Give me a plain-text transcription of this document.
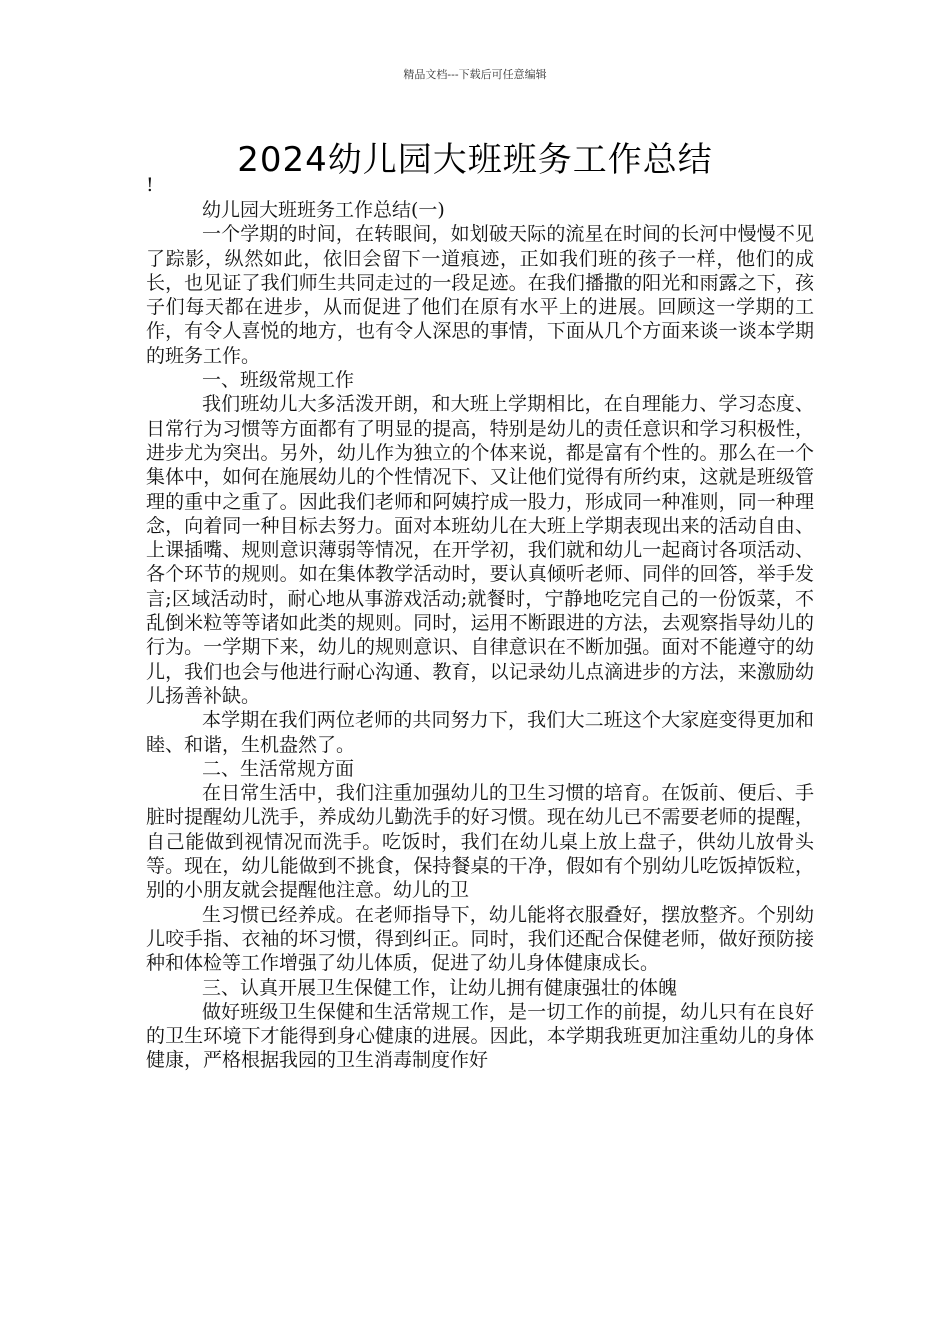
精品文档---下载后可任意编辑
2024幼儿园大班班务工作总结
!

幼儿园大班班务工作总结(一)

一个学期的时间，在转眼间，如划破天际的流星在时间的长河中慢慢不见了踪影，纵然如此，依旧会留下一道痕迹，正如我们班的孩子一样，他们的成长，也见证了我们师生共同走过的一段足迹。在我们播撒的阳光和雨露之下，孩子们每天都在进步，从而促进了他们在原有水平上的进展。回顾这一学期的工作，有令人喜悦的地方，也有令人深思的事情，下面从几个方面来谈一谈本学期的班务工作。

一、班级常规工作

我们班幼儿大多活泼开朗，和大班上学期相比，在自理能力、学习态度、日常行为习惯等方面都有了明显的提高，特别是幼儿的责任意识和学习积极性，进步尤为突出。另外，幼儿作为独立的个体来说，都是富有个性的。那么在一个集体中，如何在施展幼儿的个性情况下、又让他们觉得有所约束，这就是班级管理的重中之重了。因此我们老师和阿姨拧成一股力，形成同一种准则，同一种理念，向着同一种目标去努力。面对本班幼儿在大班上学期表现出来的活动自由、上课插嘴、规则意识薄弱等情况，在开学初，我们就和幼儿一起商讨各项活动、各个环节的规则。如在集体教学活动时，要认真倾听老师、同伴的回答，举手发言;区域活动时，耐心地从事游戏活动;就餐时，宁静地吃完自己的一份饭菜，不乱倒米粒等等诸如此类的规则。同时，运用不断跟进的方法，去观察指导幼儿的行为。一学期下来，幼儿的规则意识、自律意识在不断加强。面对不能遵守的幼儿，我们也会与他进行耐心沟通、教育，以记录幼儿点滴进步的方法，来激励幼儿扬善补缺。

本学期在我们两位老师的共同努力下，我们大二班这个大家庭变得更加和睦、和谐，生机盎然了。

二、生活常规方面

在日常生活中，我们注重加强幼儿的卫生习惯的培育。在饭前、便后、手脏时提醒幼儿洗手，养成幼儿勤洗手的好习惯。现在幼儿已不需要老师的提醒，自己能做到视情况而洗手。吃饭时，我们在幼儿桌上放上盘子，供幼儿放骨头等。现在，幼儿能做到不挑食，保持餐桌的干净，假如有个别幼儿吃饭掉饭粒，别的小朋友就会提醒他注意。幼儿的卫

生习惯已经养成。在老师指导下，幼儿能将衣服叠好，摆放整齐。个别幼儿咬手指、衣袖的坏习惯，得到纠正。同时，我们还配合保健老师，做好预防接种和体检等工作增强了幼儿体质，促进了幼儿身体健康成长。

三、认真开展卫生保健工作，让幼儿拥有健康强壮的体魄

做好班级卫生保健和生活常规工作，是一切工作的前提，幼儿只有在良好的卫生环境下才能得到身心健康的进展。因此，本学期我班更加注重幼儿的身体健康，严格根据我园的卫生消毒制度作好
